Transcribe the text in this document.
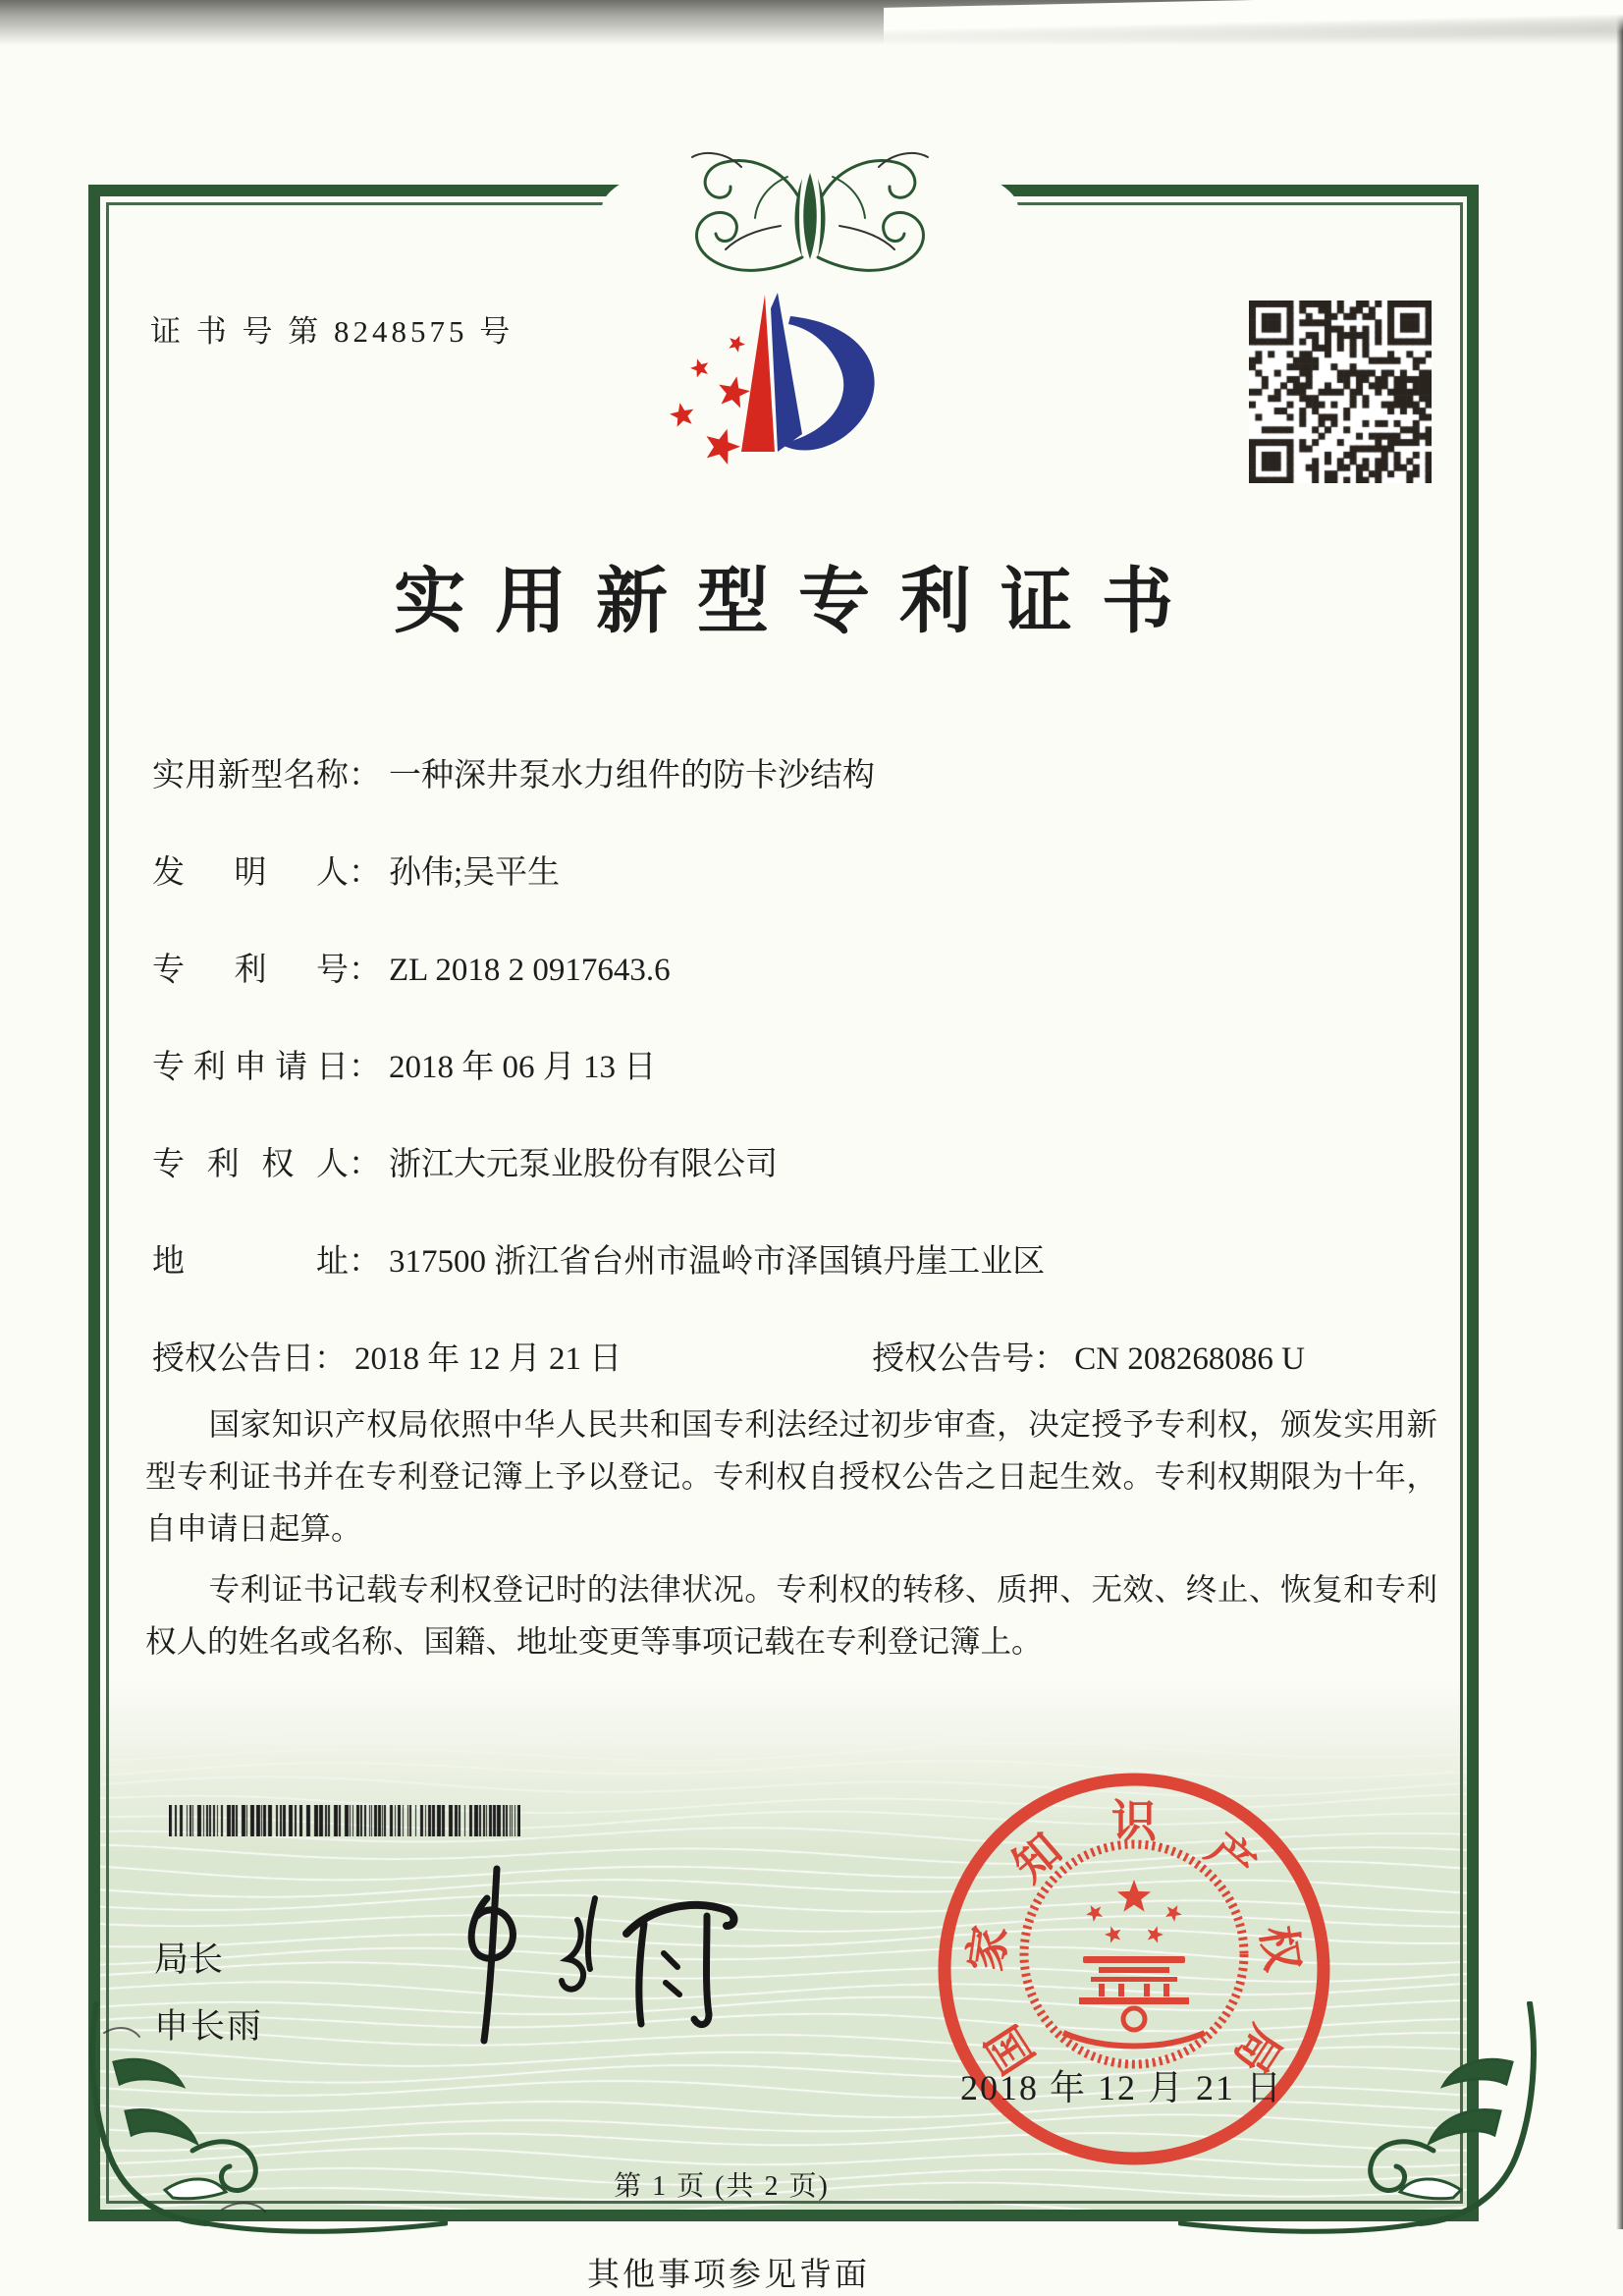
证 书 号 第 8248575 号
实用新型专利证书
实用新型名称： 一种深井泵水力组件的防卡沙结构
发明人： 孙伟;吴平生
专利号： ZL 2018 2 0917643.6
专利申请日： 2018 年 06 月 13 日
专利权人： 浙江大元泵业股份有限公司
地址： 317500 浙江省台州市温岭市泽国镇丹崖工业区
授权公告日： 2018 年 12 月 21 日	授权公告号： CN 208268086 U

国家知识产权局依照中华人民共和国专利法经过初步审查，决定授予专利权，颁发实用新型专利证书并在专利登记簿上予以登记。专利权自授权公告之日起生效。专利权期限为十年，自申请日起算。

专利证书记载专利权登记时的法律状况。专利权的转移、质押、无效、终止、恢复和专利权人的姓名或名称、国籍、地址变更等事项记载在专利登记簿上。

局长
申长雨	国
家
知
识
产
权
局
2018 年 12 月 21 日
第 1 页 (共 2 页)
其他事项参见背面
